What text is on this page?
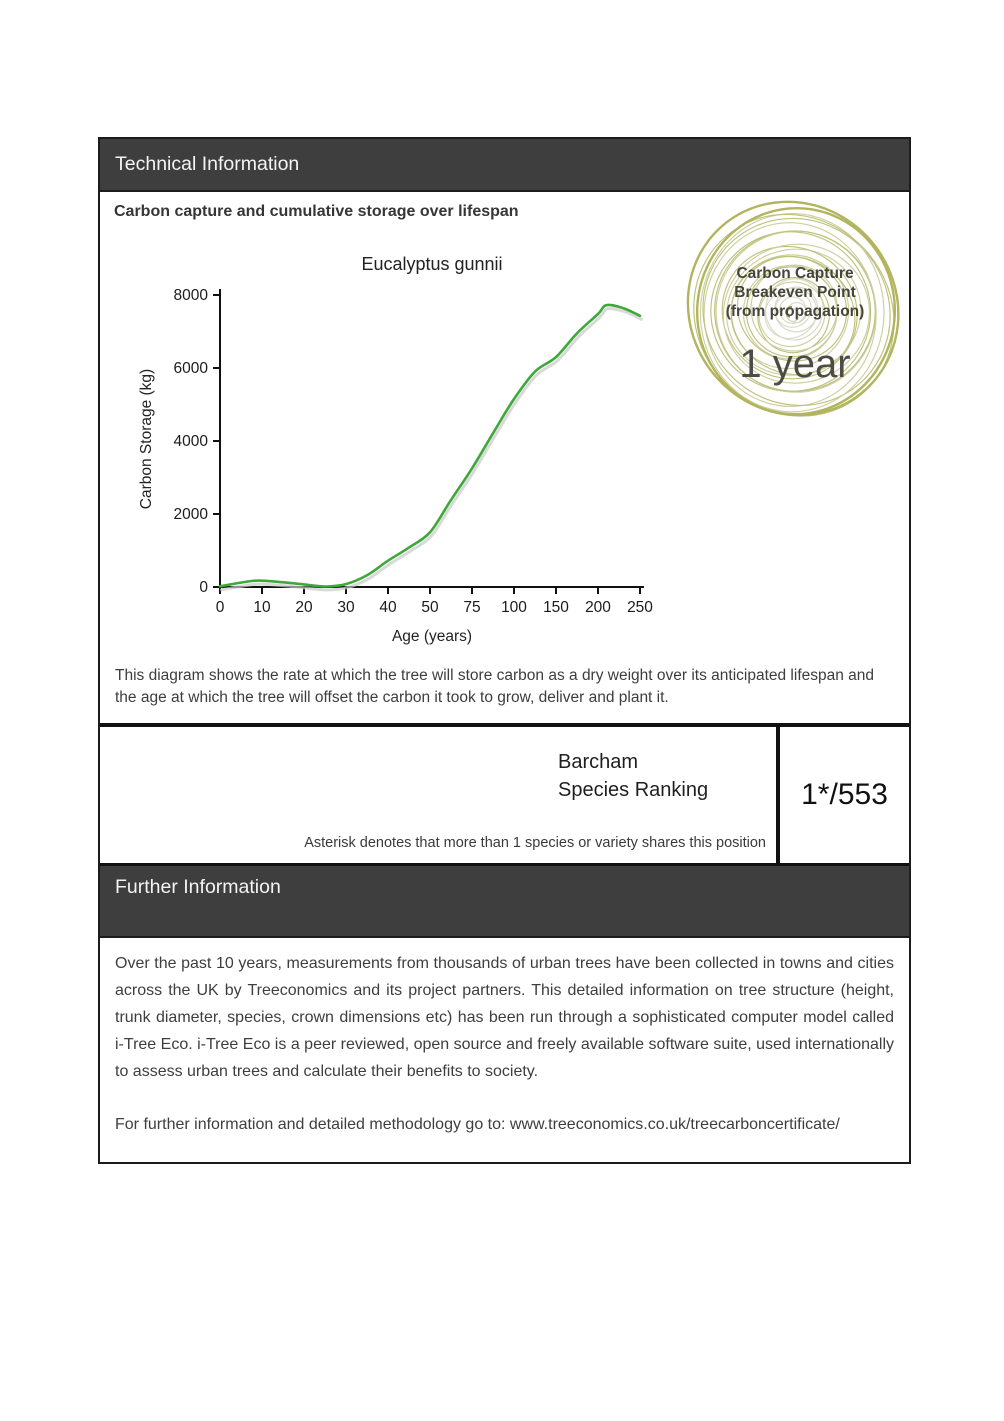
Technical Information
Carbon capture and cumulative storage over lifespan
0 10 20 30 40 50 75 100 150 200 250
0
2000
4000
6000
8000
Eucalyptus gunnii
Carbon Storage (kg)
Age (years)
Carbon Capture
Breakeven Point
(from propagation)
1 year
This diagram shows the rate at which the tree will store carbon as a dry weight over its anticipated lifespan and the age at which the tree will offset the carbon it took to grow, deliver and plant it.
Barcham
Species Ranking
Asterisk denotes that more than 1 species or variety shares this position
1*/553
Further Information

Over the past 10 years, measurements from thousands of urban trees have been collected in towns and cities across the UK by Treeconomics and its project partners. This detailed information on tree structure (height, trunk diameter, species, crown dimensions etc) has been run through a sophisticated computer model called i-Tree Eco. i-Tree Eco is a peer reviewed, open source and freely available software suite, used internationally to assess urban trees and calculate their benefits to society.

For further information and detailed methodology go to: www.treeconomics.co.uk/treecarboncertificate/
